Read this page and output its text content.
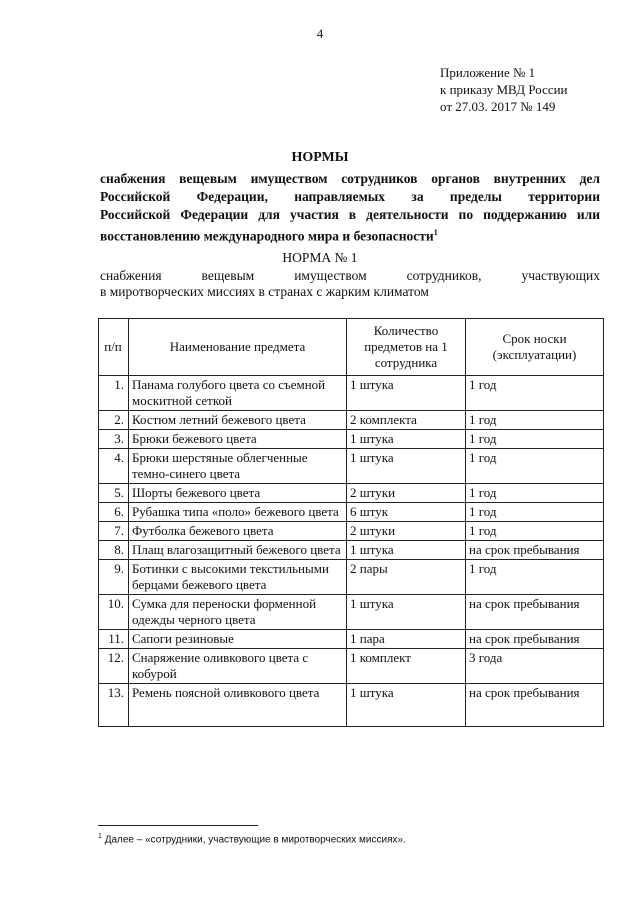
4
Приложение № 1
к приказу МВД России
от 27.03. 2017 № 149
НОРМЫ
снабжения вещевым имуществом сотрудников органов внутренних дел
Российской Федерации, направляемых за пределы территории
Российской Федерации для участия в деятельности по поддержанию или
восстановлению международного мира и безопасности$^1$
НОРМА № 1
снабжения вещевым имуществом сотрудников, участвующих
в миротворческих миссиях в странах с жарким климатом
п/п	Наименование предмета	Количество предметов на 1 сотрудника	Срок носки (эксплуатации)
1.	Панама голубого цвета со съемной москитной сеткой	1 штука	1 год
2.	Костюм летний бежевого цвета	2 комплекта	1 год
3.	Брюки бежевого цвета	1 штука	1 год
4.	Брюки шерстяные облегченные темно-синего цвета	1 штука	1 год
5.	Шорты бежевого цвета	2 штуки	1 год
6.	Рубашка типа «поло» бежевого цвета	6 штук	1 год
7.	Футболка бежевого цвета	2 штуки	1 год
8.	Плащ влагозащитный бежевого цвета	1 штука	на срок пребывания
9.	Ботинки с высокими текстильными берцами бежевого цвета	2 пары	1 год
10.	Сумка для переноски форменной одежды черного цвета	1 штука	на срок пребывания
11.	Сапоги резиновые	1 пара	на срок пребывания
12.	Снаряжение оливкового цвета с кобурой	1 комплект	3 года
13.	Ремень поясной оливкового цвета	1 штука	на срок пребывания
$^1$ Далее – «сотрудники, участвующие в миротворческих миссиях».
